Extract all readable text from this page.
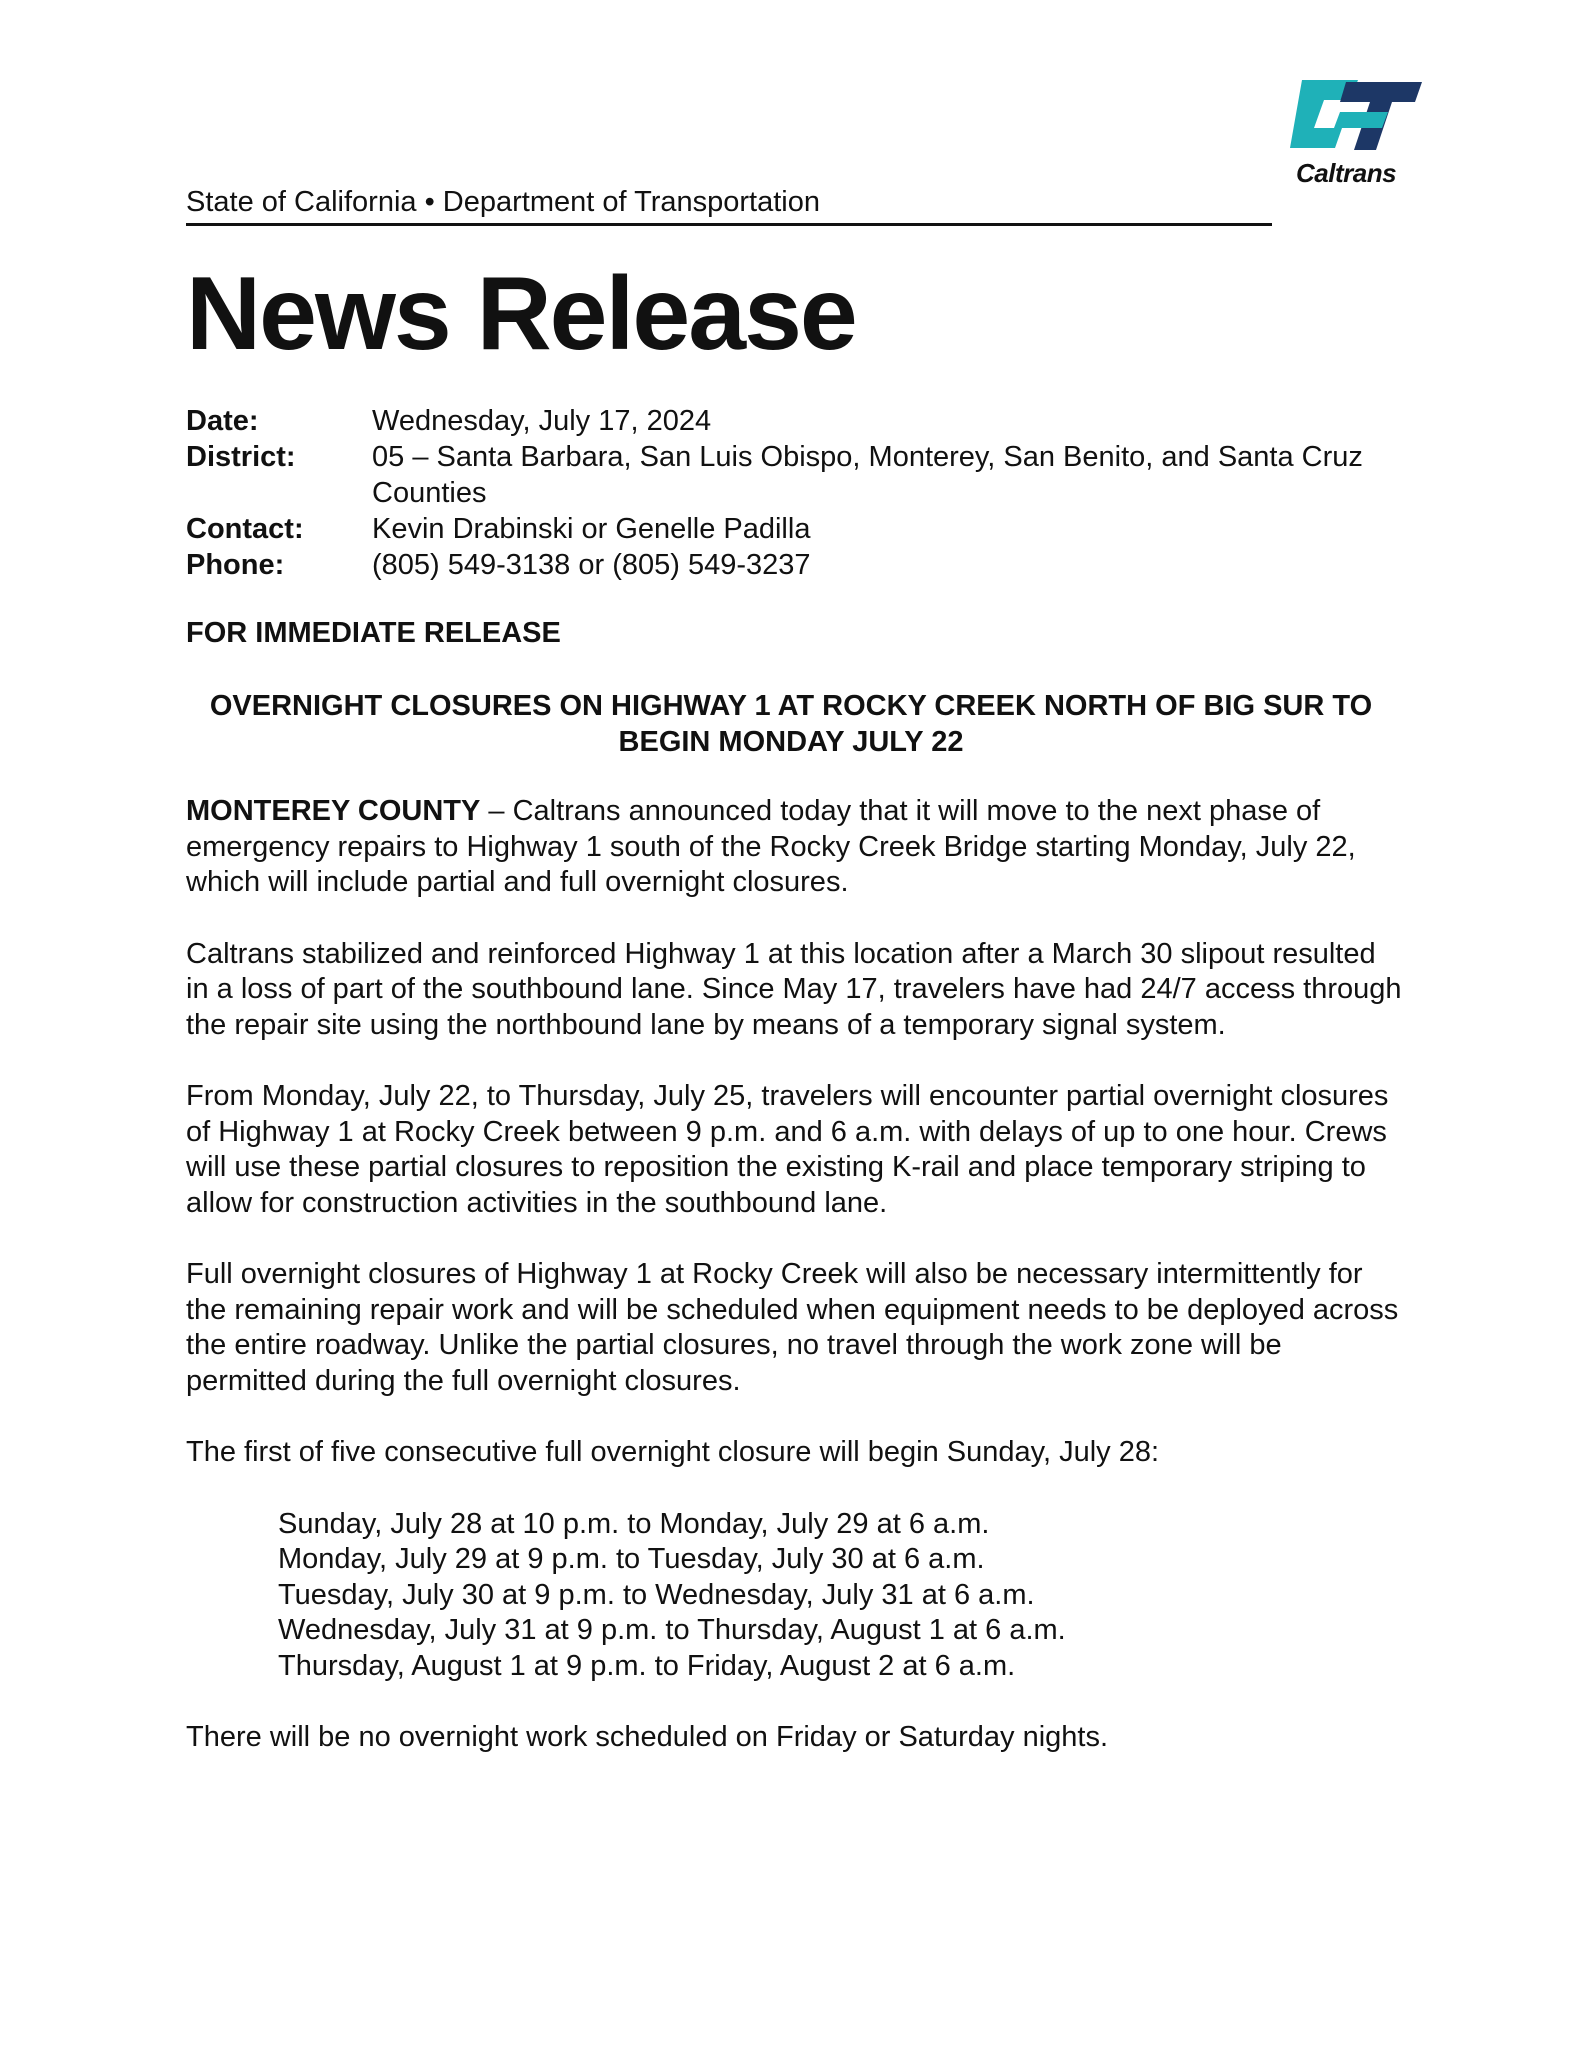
Caltrans
State of California • Department of Transportation
News Release
Date:	Wednesday, July 17, 2024
District:	05 – Santa Barbara, San Luis Obispo, Monterey, San Benito, and Santa Cruz Counties
Contact:	Kevin Drabinski or Genelle Padilla
Phone:	(805) 549-3138 or (805) 549-3237
FOR IMMEDIATE RELEASE
OVERNIGHT CLOSURES ON HIGHWAY 1 AT ROCKY CREEK NORTH OF BIG SUR TO BEGIN MONDAY JULY 22

MONTEREY COUNTY – Caltrans announced today that it will move to the next phase of emergency repairs to Highway 1 south of the Rocky Creek Bridge starting Monday, July 22, which will include partial and full overnight closures.

Caltrans stabilized and reinforced Highway 1 at this location after a March 30 slipout resulted in a loss of part of the southbound lane. Since May 17, travelers have had 24/7 access through the repair site using the northbound lane by means of a temporary signal system.

From Monday, July 22, to Thursday, July 25, travelers will encounter partial overnight closures of Highway 1 at Rocky Creek between 9 p.m. and 6 a.m. with delays of up to one hour. Crews will use these partial closures to reposition the existing K-rail and place temporary striping to allow for construction activities in the southbound lane.

Full overnight closures of Highway 1 at Rocky Creek will also be necessary intermittently for the remaining repair work and will be scheduled when equipment needs to be deployed across the entire roadway. Unlike the partial closures, no travel through the work zone will be permitted during the full overnight closures.

The first of five consecutive full overnight closure will begin Sunday, July 28:

Sunday, July 28 at 10 p.m. to Monday, July 29 at 6 a.m.
Monday, July 29 at 9 p.m. to Tuesday, July 30 at 6 a.m.
Tuesday, July 30 at 9 p.m. to Wednesday, July 31 at 6 a.m.
Wednesday, July 31 at 9 p.m. to Thursday, August 1 at 6 a.m.
Thursday, August 1 at 9 p.m. to Friday, August 2 at 6 a.m.

There will be no overnight work scheduled on Friday or Saturday nights.
